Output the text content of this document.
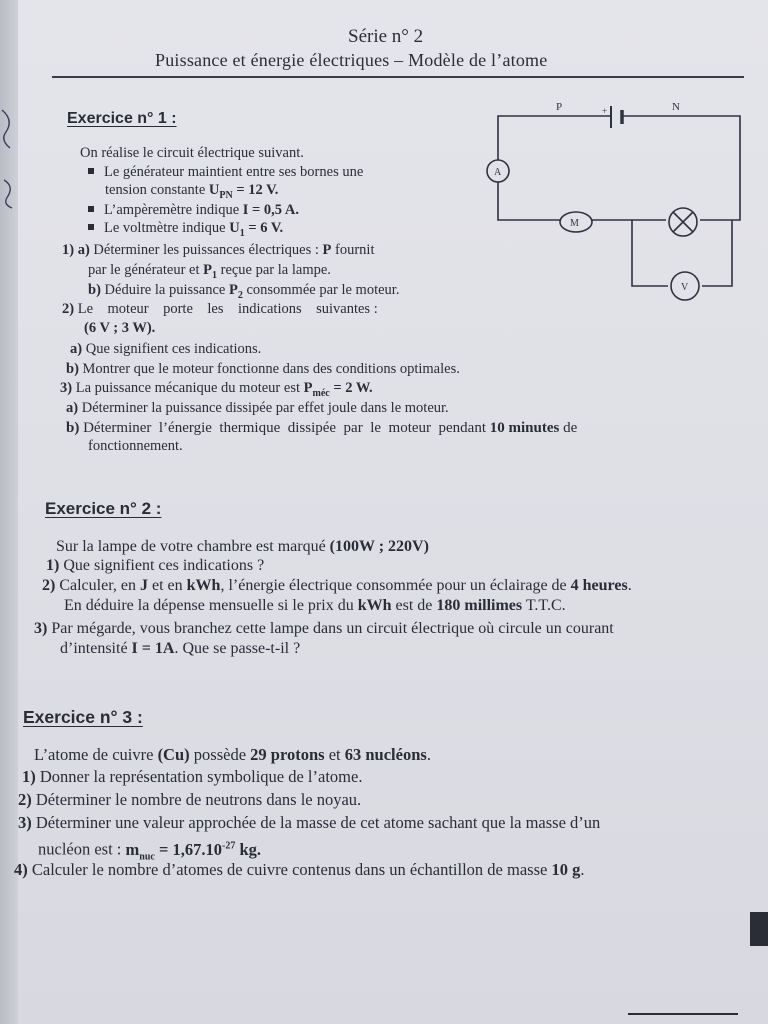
Série n° 2
Puissance et énergie électriques – Modèle de l’atome
Exercice n° 1 :
On réalise le circuit électrique suivant.
Le générateur maintient entre ses bornes une
tension constante $U_{PN} = 12$ V.
L’ampèremètre indique I = 0,5 A.
Le voltmètre indique $U_1 = 6$ V.
1) a) Déterminer les puissances électriques : P fournit
par le générateur et $P_1$ reçue par la lampe.
b) Déduire la puissance $P_2$ consommée par le moteur.
2) Le    moteur    porte    les    indications    suivantes :
(6 V ; 3 W).
a) Que signifient ces indications.
b) Montrer que le moteur fonctionne dans des conditions optimales.
3) La puissance mécanique du moteur est $P_{méc} = 2$ W.
a) Déterminer la puissance dissipée par effet joule dans le moteur.
b) Déterminer  l’énergie  thermique  dissipée  par  le  moteur  pendant 10 minutes de
fonctionnement.
P	N
+
A
M
V
Exercice n° 2 :
Sur la lampe de votre chambre est marqué (100W ; 220V)
1) Que signifient ces indications ?
2) Calculer, en J et en kWh, l’énergie électrique consommée pour un éclairage de 4 heures.
En déduire la dépense mensuelle si le prix du kWh est de 180 millimes T.T.C.
3) Par mégarde, vous branchez cette lampe dans un circuit électrique où circule un courant
d’intensité I = 1A. Que se passe-t-il ?
Exercice n° 3 :
L’atome de cuivre (Cu) possède 29 protons et 63 nucléons.
1) Donner la représentation symbolique de l’atome.
2) Déterminer le nombre de neutrons dans le noyau.
3) Déterminer une valeur approchée de la masse de cet atome sachant que la masse d’un
nucléon est : $m_{nuc} = 1,67.10^{-27}$ kg.
4) Calculer le nombre d’atomes de cuivre contenus dans un échantillon de masse 10 g.
